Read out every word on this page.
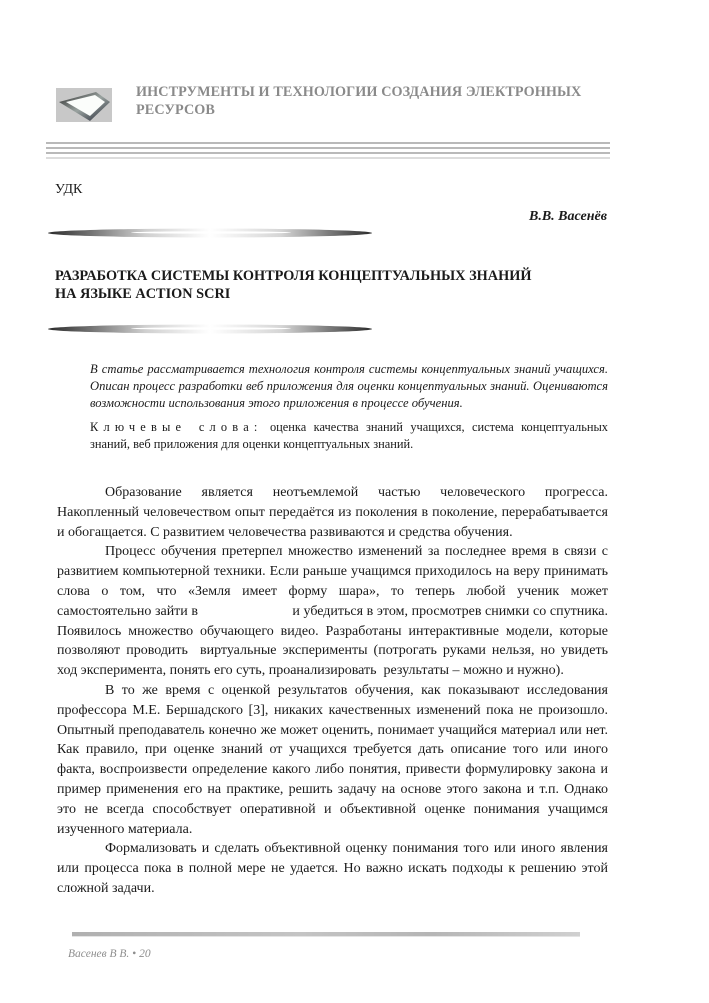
ИНСТРУМЕНТЫ И ТЕХНОЛОГИИ СОЗДАНИЯ ЭЛЕКТРОННЫХ РЕСУРСОВ
УДК
В.В. Васенёв
РАЗРАБОТКА СИСТЕМЫ КОНТРОЛЯ КОНЦЕПТУАЛЬНЫХ ЗНАНИЙ
НА ЯЗЫКЕ ACTION SCRI
В статье рассматривается технология контроля системы концептуальных знаний учащихся. Описан процесс разработки веб приложения для оценки концептуальных знаний. Оцениваются возможности использования этого приложения в процессе обучения.
Ключевые слова: оценка качества знаний учащихся, система концептуальных знаний, веб приложения для оценки концептуальных знаний.

Образование является неотъемлемой частью человеческого прогресса. Накопленный человечеством опыт передаётся из поколения в поколение, перерабатывается и обогащается. С развитием человечества развиваются и средства обучения.

Процесс обучения претерпел множество изменений за последнее время в связи с развитием компьютерной техники. Если раньше учащимся приходилось на веру принимать слова о том, что «Земля имеет форму шара», то теперь любой ученик может самостоятельно зайти в                          и убедиться в этом, просмотрев снимки со спутника. Появилось множество обучающего видео. Разработаны интерактивные модели, которые позволяют проводить  виртуальные эксперименты (потрогать руками нельзя, но увидеть ход эксперимента, понять его суть, проанализировать  результаты – можно и нужно).

В то же время с оценкой результатов обучения, как показывают исследования профессора М.Е. Бершадского [3], никаких качественных изменений пока не произошло. Опытный преподаватель конечно же может оценить, понимает учащийся материал или нет. Как правило, при оценке знаний от учащихся требуется дать описание того или иного факта, воспроизвести определение какого либо понятия, привести формулировку закона и пример применения его на практике, решить задачу на основе этого закона и т.п. Однако это не всегда способствует оперативной и объективной оценке понимания учащимся изученного материала.

Формализовать и сделать объективной оценку понимания того или иного явления или процесса пока в полной мере не удается. Но важно искать подходы к решению этой сложной задачи.

Васенев В В. • 20
